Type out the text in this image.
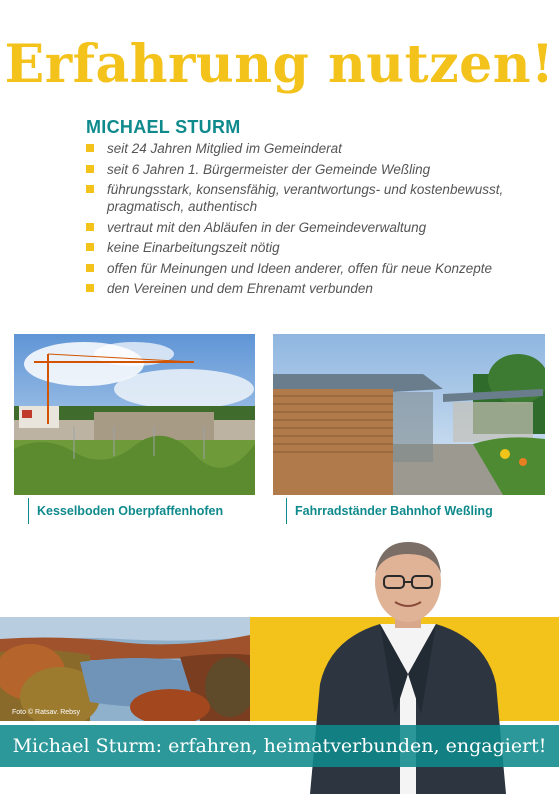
Erfahrung nutzen!
MICHAEL STURM
seit 24 Jahren Mitglied im Gemeinderat
seit 6 Jahren 1. Bürgermeister der Gemeinde Weßling
führungsstark, konsensfähig, verantwortungs- und kostenbewusst, pragmatisch, authentisch
vertraut mit den Abläufen in der Gemeindeverwaltung
keine Einarbeitungszeit nötig
offen für Meinungen und Ideen anderer, offen für neue Konzepte
den Vereinen und dem Ehrenamt verbunden
Kesselboden Oberpfaffenhofen	Fahrradständer Bahnhof Weßling
Foto © Ratsav. Rebsy
Michael Sturm: erfahren, heimatverbunden, engagiert!
